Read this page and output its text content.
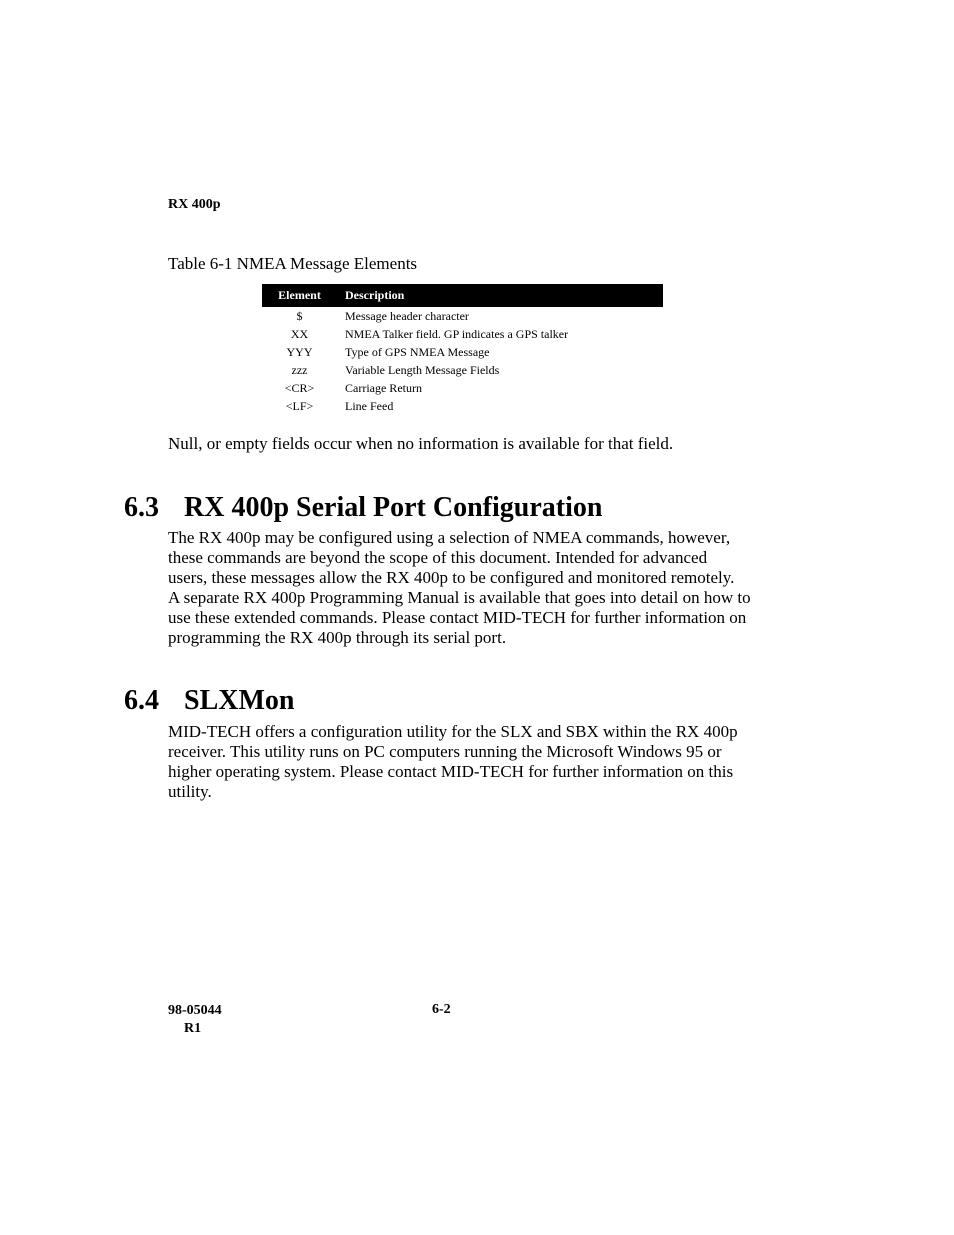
RX 400p
Table 6-1 NMEA Message Elements
Element	Description
$	Message header character
XX	NMEA Talker field. GP indicates a GPS talker
YYY	Type of GPS NMEA Message
zzz	Variable Length Message Fields
<CR>	Carriage Return
<LF>	Line Feed
Null, or empty fields occur when no information is available for that field.
6.3 RX 400p Serial Port Configuration
The RX 400p may be configured using a selection of NMEA commands, however,
these commands are beyond the scope of this document. Intended for advanced
users, these messages allow the RX 400p to be configured and monitored remotely.
A separate RX 400p Programming Manual is available that goes into detail on how to
use these extended commands. Please contact MID-TECH for further information on
programming the RX 400p through its serial port.
6.4 SLXMon
MID-TECH offers a configuration utility for the SLX and SBX within the RX 400p
receiver. This utility runs on PC computers running the Microsoft Windows 95 or
higher operating system. Please contact MID-TECH for further information on this
utility.
98-05044
R1
6-2
